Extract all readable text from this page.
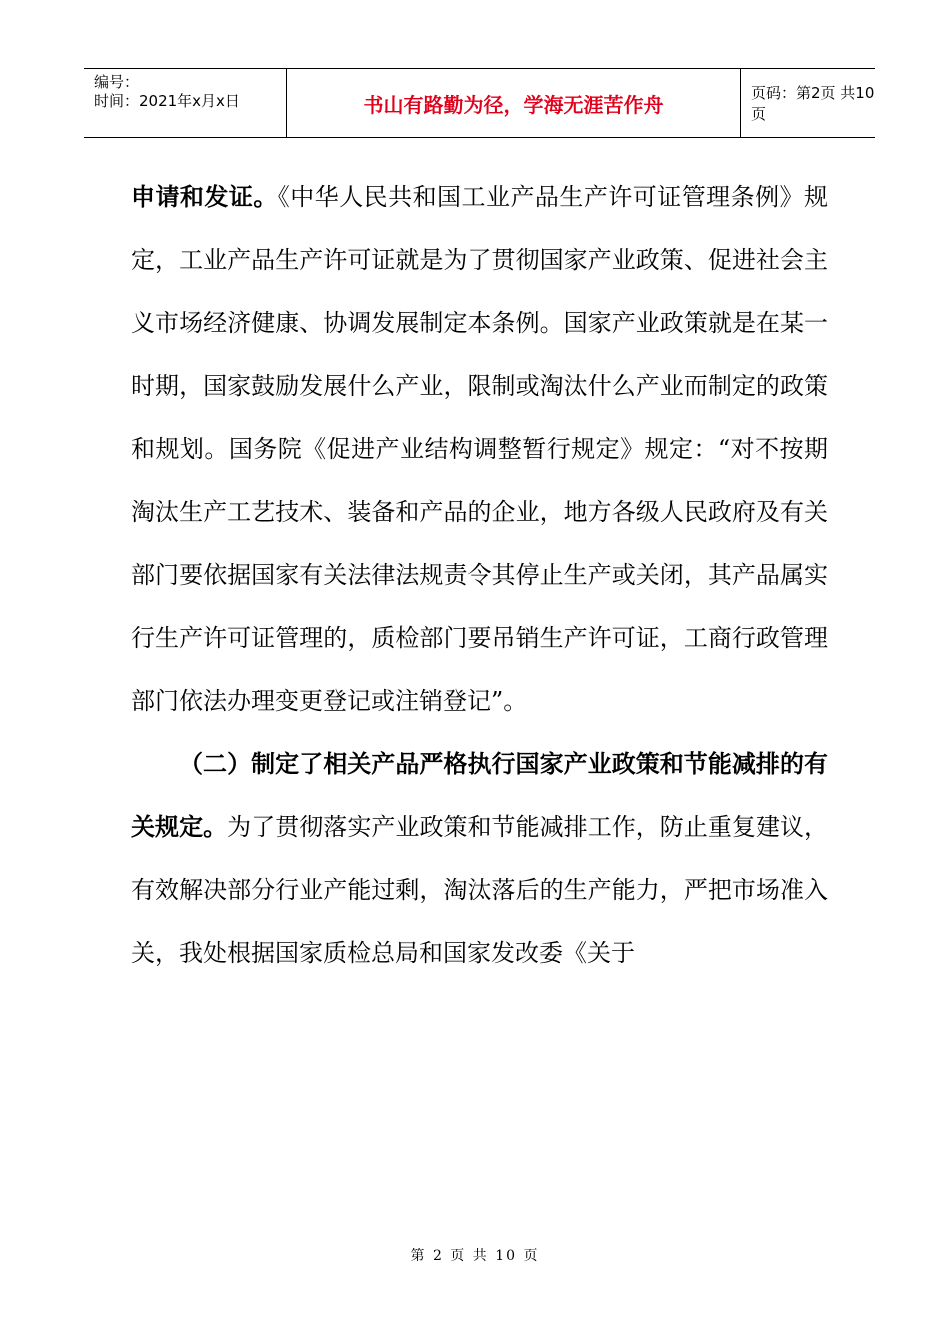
编号：
时间：2021年x月x日	书山有路勤为径，学海无涯苦作舟	页码：第2页 共10页

申请和发证。《中华人民共和国工业产品生产许可证管理条例》规定，工业产品生产许可证就是为了贯彻国家产业政策、促进社会主义市场经济健康、协调发展制定本条例。国家产业政策就是在某一时期，国家鼓励发展什么产业，限制或淘汰什么产业而制定的政策和规划。国务院《促进产业结构调整暂行规定》规定：“对不按期淘汰生产工艺技术、装备和产品的企业，地方各级人民政府及有关部门要依据国家有关法律法规责令其停止生产或关闭，其产品属实行生产许可证管理的，质检部门要吊销生产许可证，工商行政管理部门依法办理变更登记或注销登记”。

（二）制定了相关产品严格执行国家产业政策和节能减排的有关规定。为了贯彻落实产业政策和节能减排工作，防止重复建议，有效解决部分行业产能过剩，淘汰落后的生产能力，严把市场准入关，我处根据国家质检总局和国家发改委《关于

第 2 页 共 10 页
